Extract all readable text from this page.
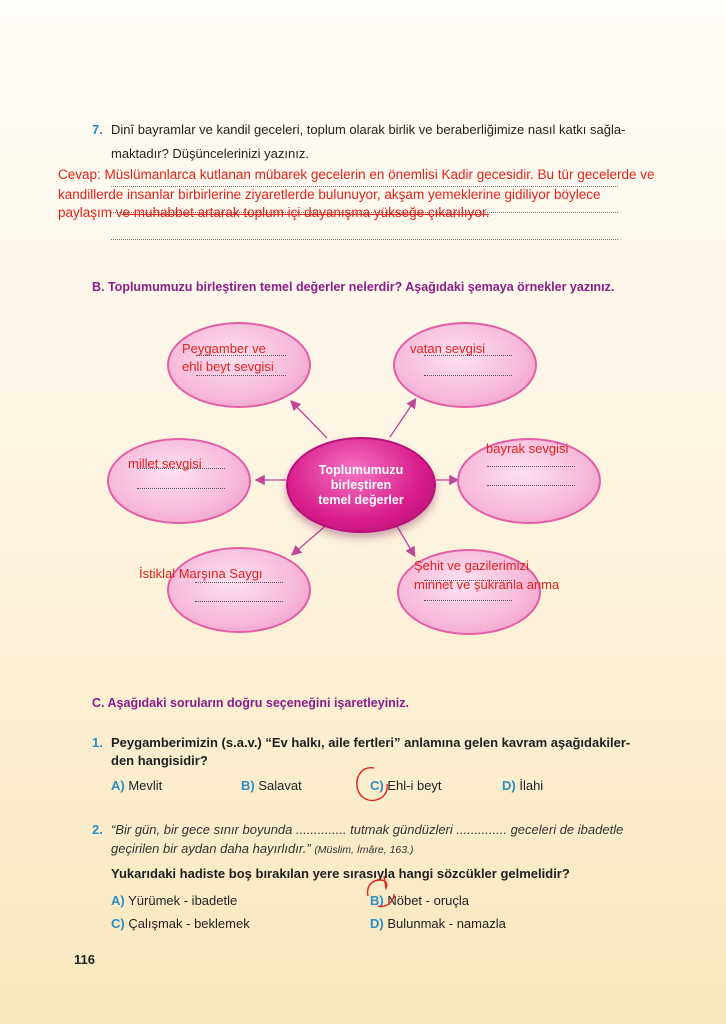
7. Dinî bayramlar ve kandil geceleri, toplum olarak birlik ve beraberliğimize nasıl katkı sağla-
maktadır? Düşüncelerinizi yazınız.
Cevap: Müslümanlarca kutlanan mübarek gecelerin en önemlisi Kadir gecesidir. Bu tür gecelerde ve
kandillerde insanlar birbirlerine ziyaretlerde bulunuyor, akşam yemeklerine gidiliyor böylece
paylaşım ve muhabbet artarak toplum içi dayanışma yükseğe çıkarılıyor.
B. Toplumumuzu birleştiren temel değerler nelerdir? Aşağıdaki şemaya örnekler yazınız.
Toplumumuzu
birleştiren
temel değerler
Peygamber ve
ehli beyt sevgisi
vatan sevgisi
millet sevgisi
bayrak sevgisi
İstiklal Marşına Saygı
Şehit ve gazilerimizi
minnet ve şükranla anma
C. Aşağıdaki soruların doğru seçeneğini işaretleyiniz.
1. Peygamberimizin (s.a.v.) “Ev halkı, aile fertleri” anlamına gelen kavram aşağıdakiler-
den hangisidir?
A) Mevlit	B) Salavat	C) Ehl-i beyt	D) İlahi
2. “Bir gün, bir gece sınır boyunda .............. tutmak gündüzleri .............. geceleri de ibadetle
geçirilen bir aydan daha hayırlıdır.” (Müslim, İmâre, 163.)
Yukarıdaki hadiste boş bırakılan yere sırasıyla hangi sözcükler gelmelidir?
A) Yürümek - ibadetle	B) Nöbet - oruçla
C) Çalışmak - beklemek	D) Bulunmak - namazla
116
